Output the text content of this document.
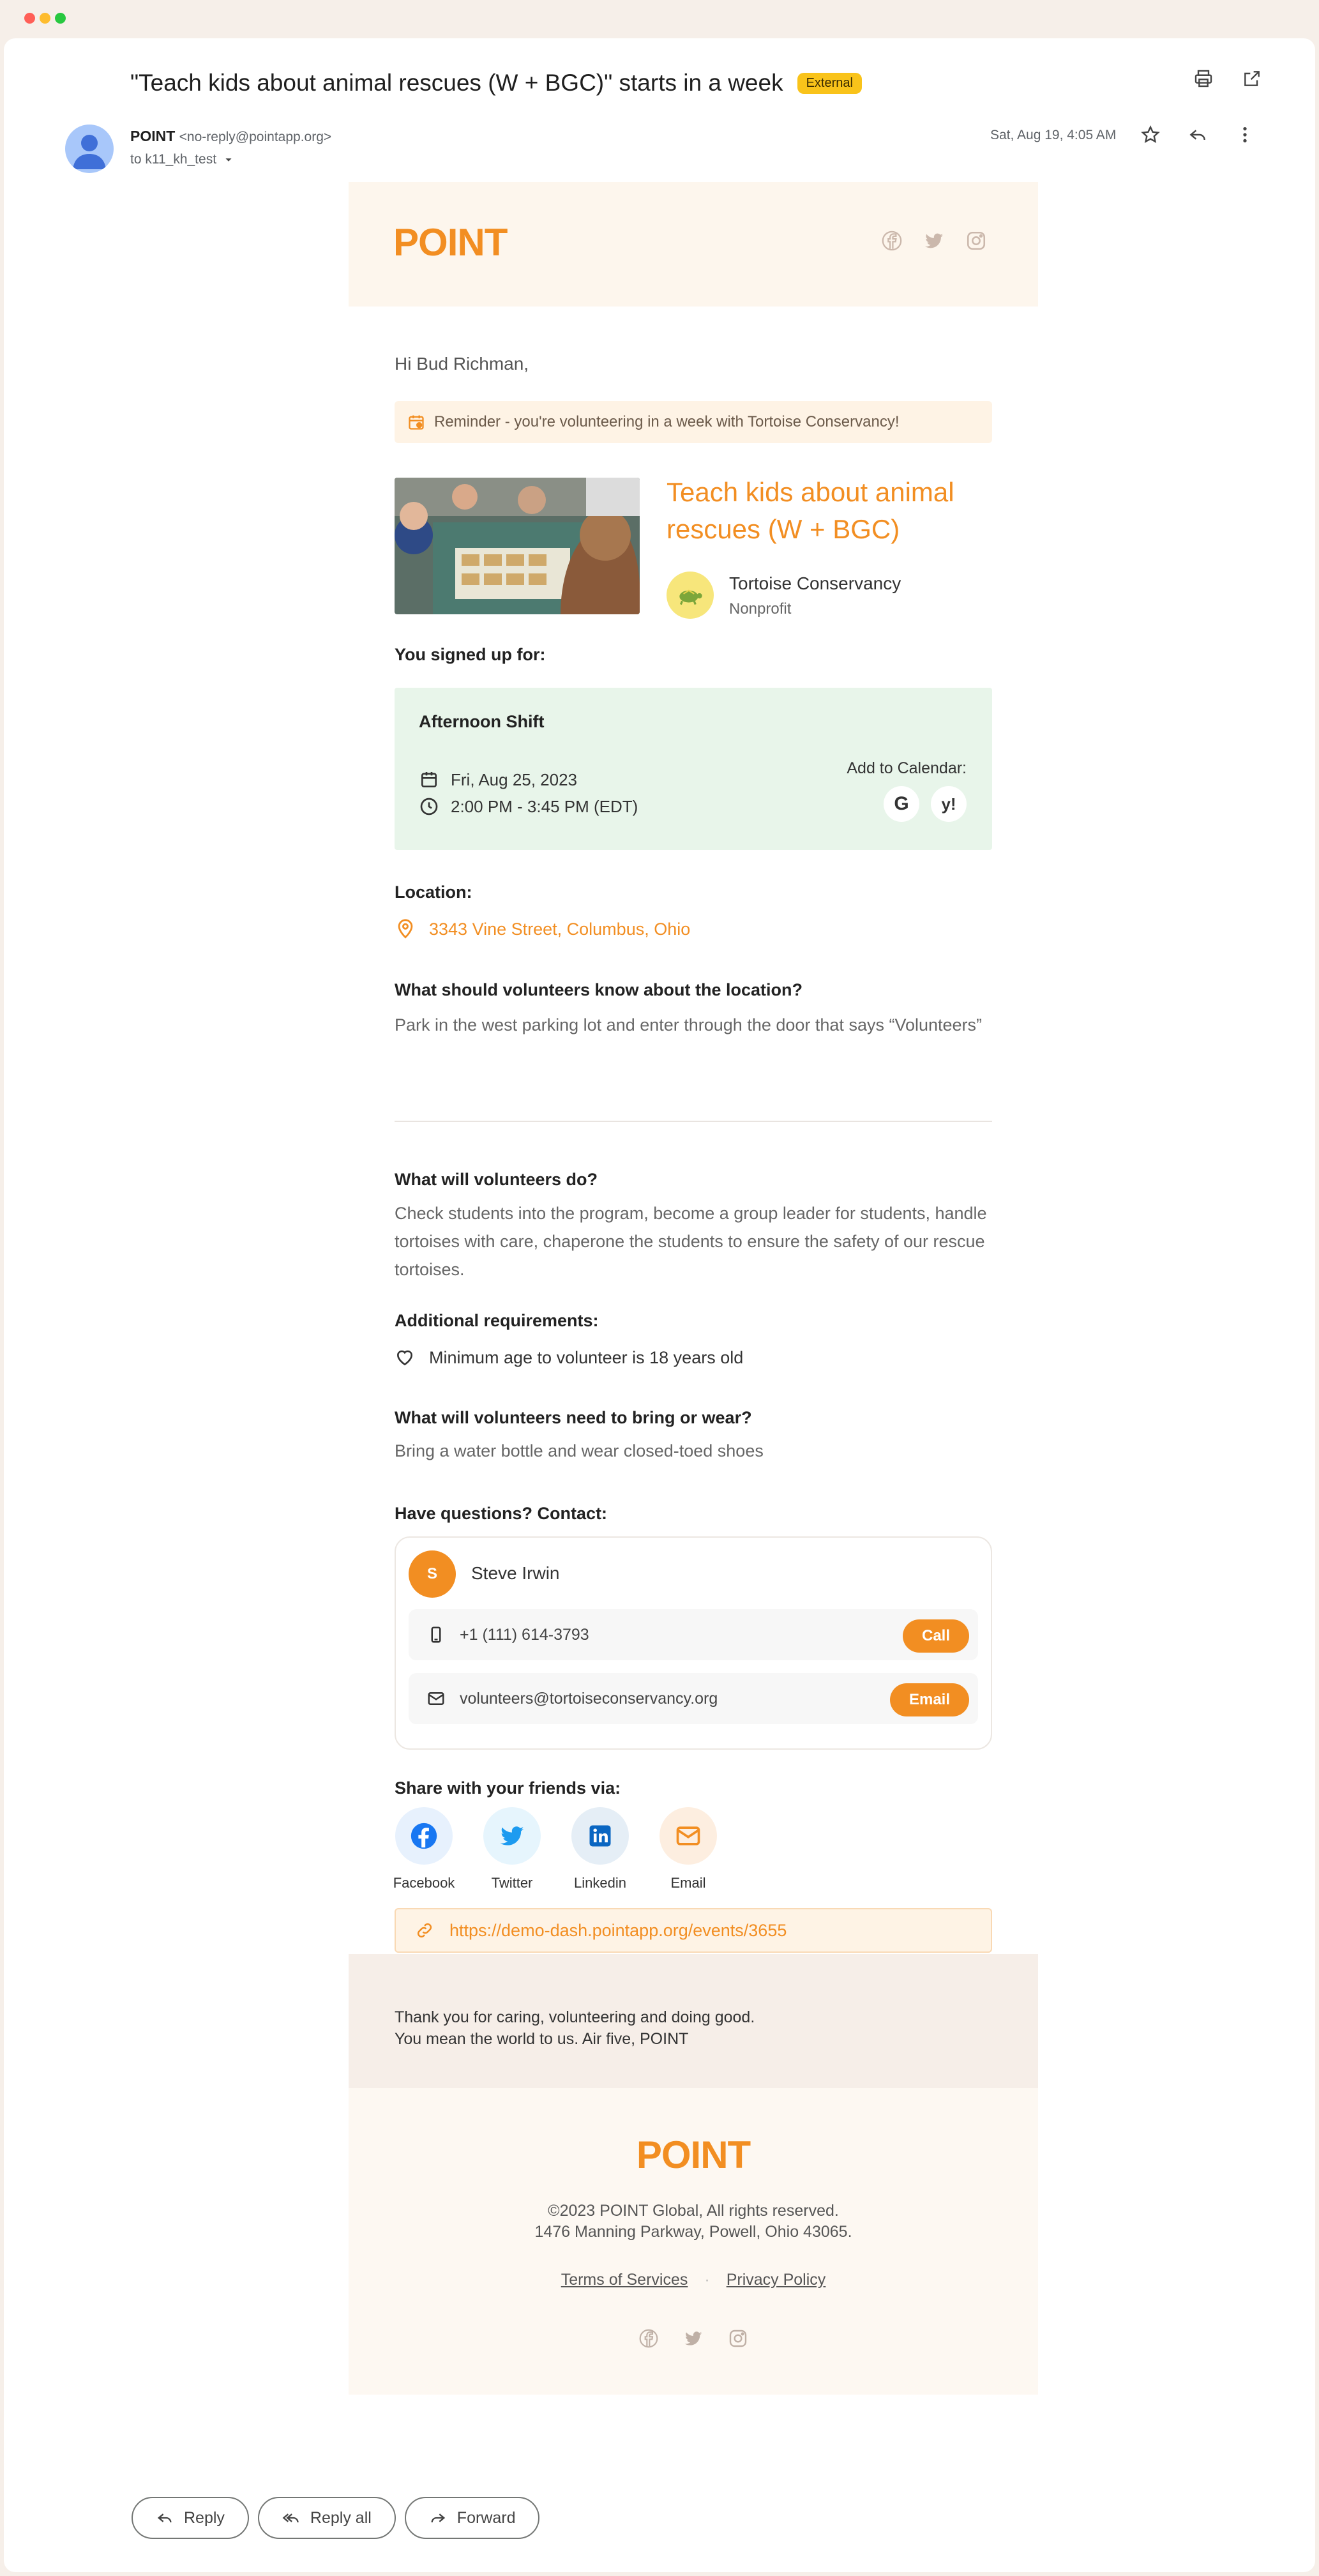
"Teach kids about animal rescues (W + BGC)" starts in a week	External
POINT <no-reply@pointapp.org>
to k11_kh_test
Sat, Aug 19, 4:05 AM
POINT
Hi Bud Richman,
Reminder - you're volunteering in a week with Tortoise Conservancy!
Teach kids about animal rescues (W + BGC)
Tortoise Conservancy
Nonprofit
You signed up for:
Afternoon Shift
Fri, Aug 25, 2023
2:00 PM - 3:45 PM (EDT)
Add to Calendar:
G	y!
Location:
3343 Vine Street, Columbus, Ohio
What should volunteers know about the location?
Park in the west parking lot and enter through the door that says “Volunteers”
What will volunteers do?
Check students into the program, become a group leader for students, handle tortoises with care, chaperone the students to ensure the safety of our rescue tortoises.
Additional requirements:
Minimum age to volunteer is 18 years old
What will volunteers need to bring or wear?
Bring a water bottle and wear closed-toed shoes
Have questions? Contact:
S	Steve Irwin
+1 (111) 614-3793	Call
volunteers@tortoiseconservancy.org	Email
Share with your friends via:
Facebook	Twitter	Linkedin	Email
https://demo-dash.pointapp.org/events/3655
Thank you for caring, volunteering and doing good.
You mean the world to us. Air five, POINT
POINT
©2023 POINT Global, All rights reserved.
1476 Manning Parkway, Powell, Ohio 43065.
Terms of Services · Privacy Policy
Reply	Reply all	Forward
